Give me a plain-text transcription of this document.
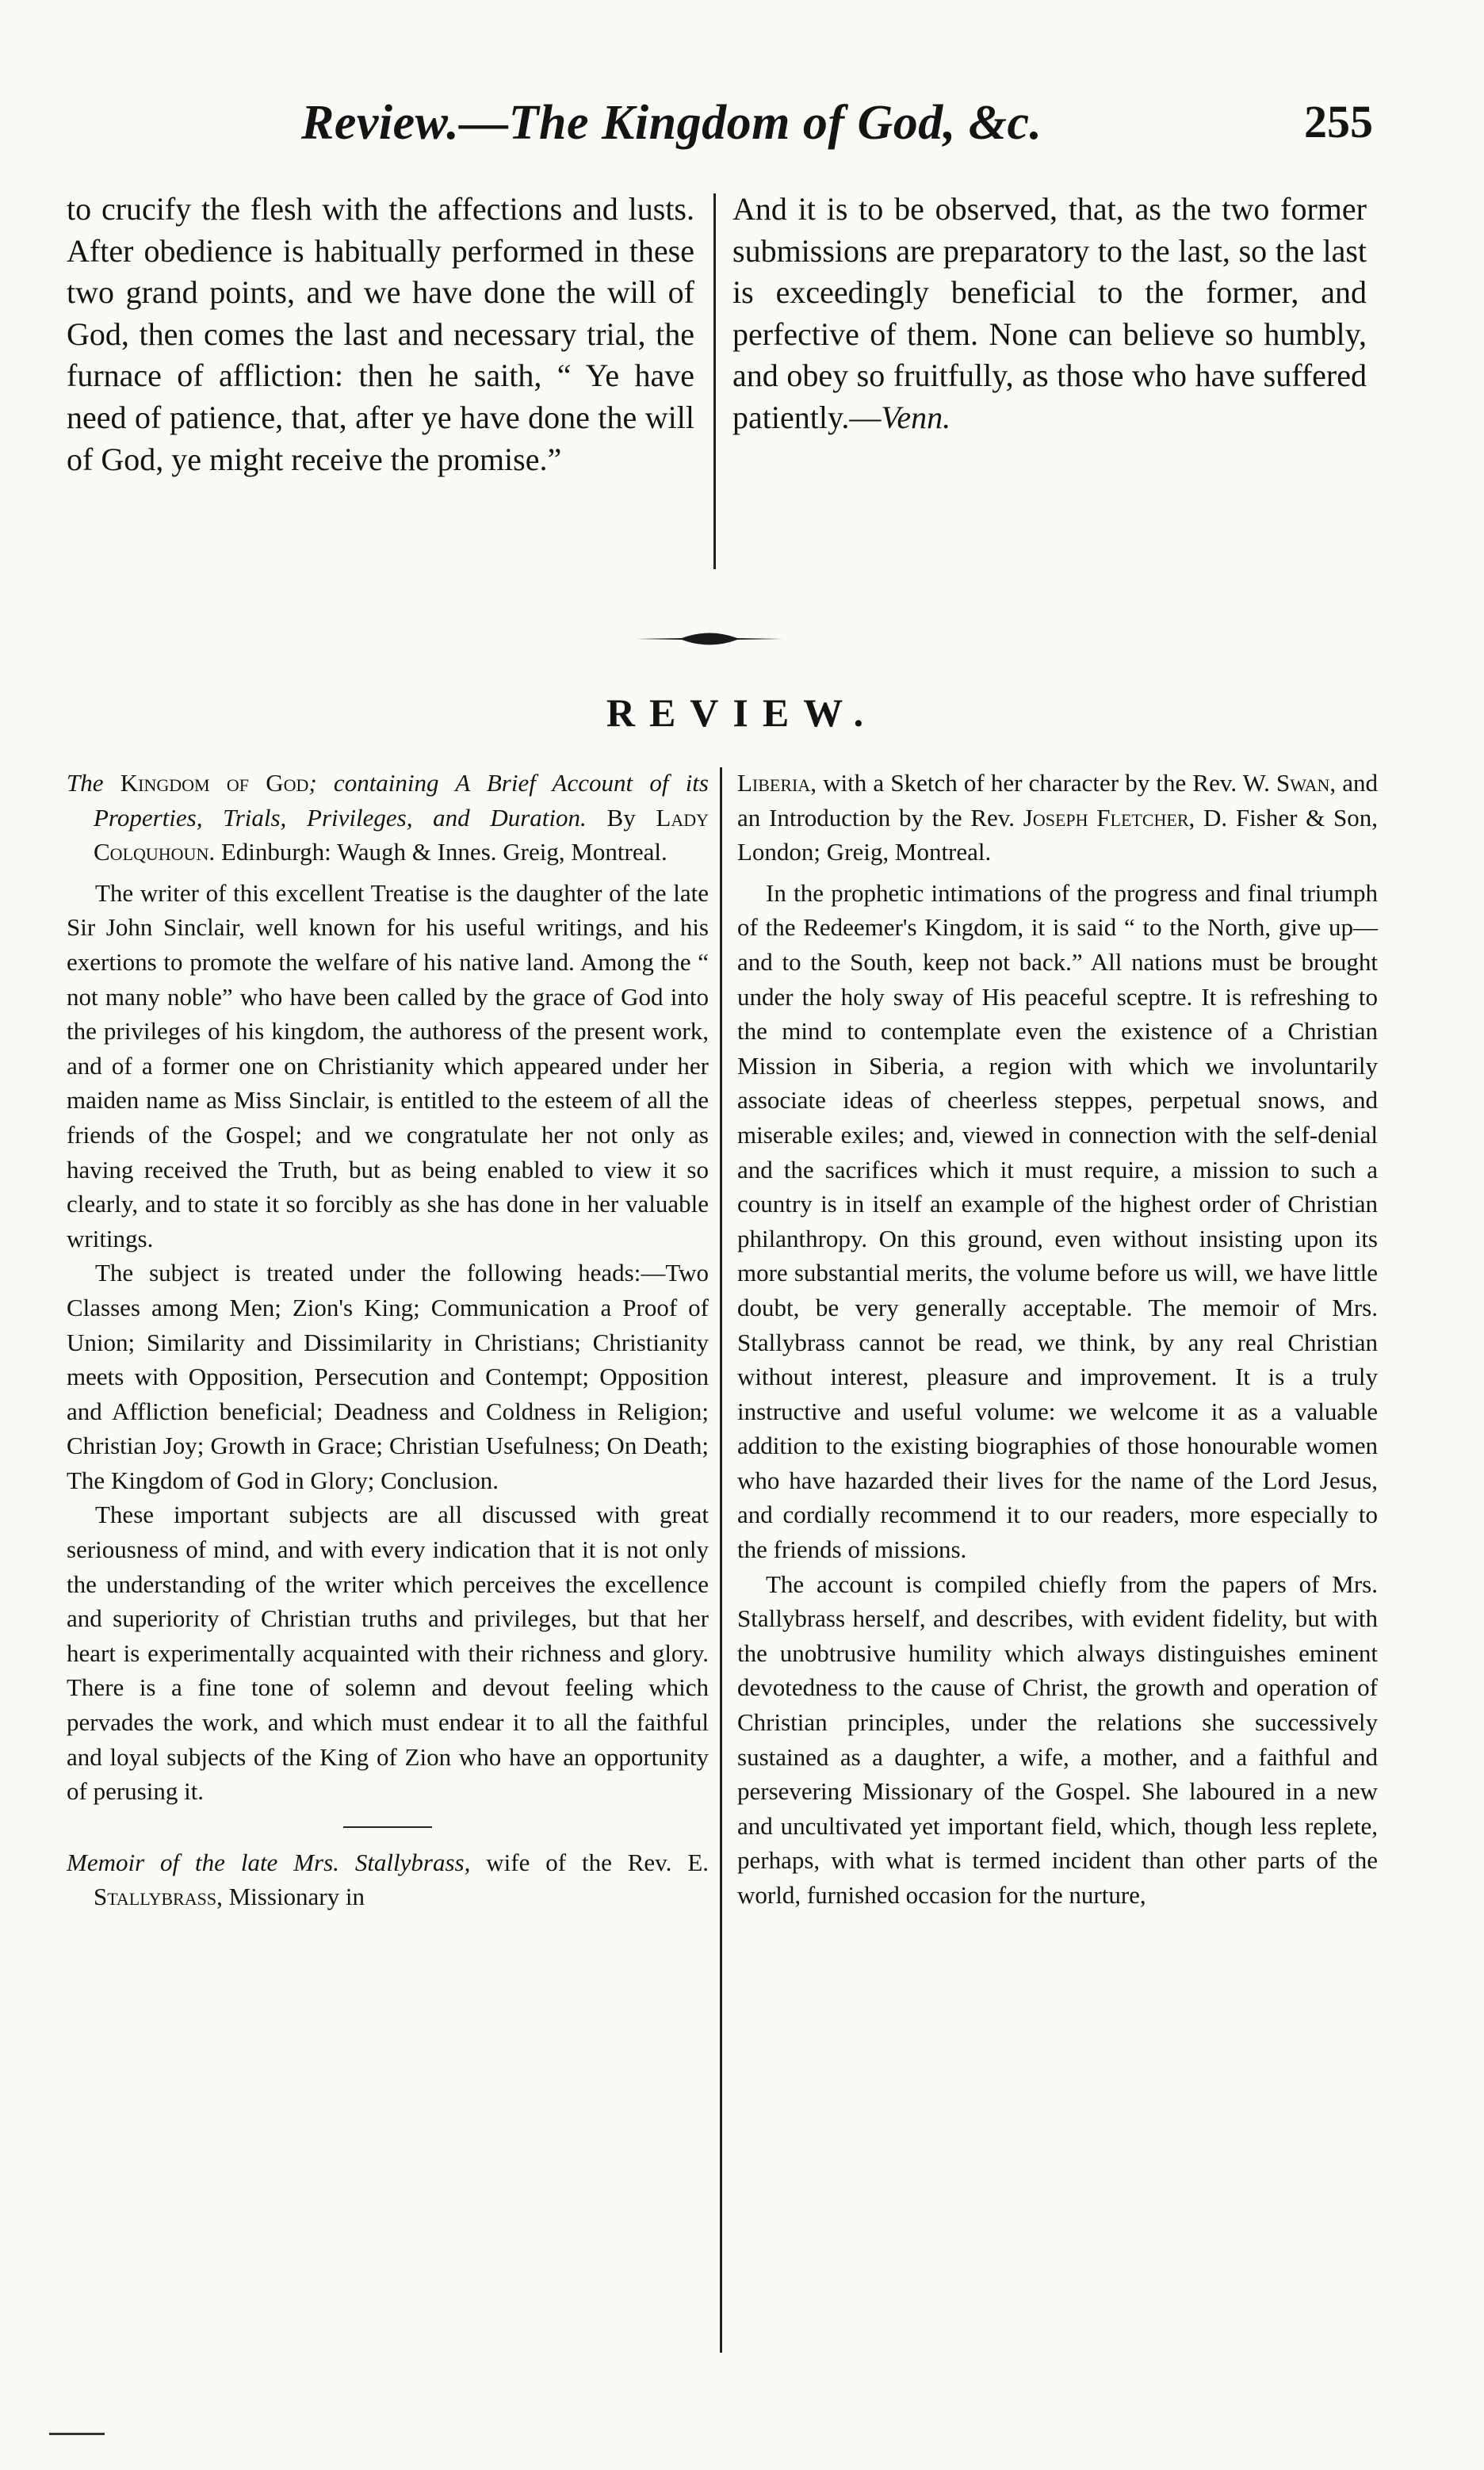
Review.—The Kingdom of God, &c.	255

to crucify the flesh with the affections and lusts. After obedience is habitually performed in these two grand points, and we have done the will of God, then comes the last and necessary trial, the furnace of affliction: then he saith, “ Ye have need of patience, that, after ye have done the will of God, ye might receive the promise.”

And it is to be observed, that, as the two former submissions are preparatory to the last, so the last is exceedingly beneficial to the former, and perfective of them. None can believe so humbly, and obey so fruitfully, as those who have suffered patiently.—Venn.

REVIEW.

The Kingdom of God; containing A Brief Account of its Properties, Trials, Privileges, and Duration. By Lady Colquhoun. Edinburgh: Waugh & Innes. Greig, Montreal.

The writer of this excellent Treatise is the daughter of the late Sir John Sinclair, well known for his useful writings, and his exertions to promote the welfare of his native land. Among the “ not many noble” who have been called by the grace of God into the privileges of his kingdom, the authoress of the present work, and of a former one on Christianity which appeared under her maiden name as Miss Sinclair, is entitled to the esteem of all the friends of the Gospel; and we congratulate her not only as having received the Truth, but as being enabled to view it so clearly, and to state it so forcibly as she has done in her valuable writings.

The subject is treated under the following heads:—Two Classes among Men; Zion's King; Communication a Proof of Union; Similarity and Dissimilarity in Christians; Christianity meets with Opposition, Persecution and Contempt; Opposition and Affliction beneficial; Deadness and Coldness in Religion; Christian Joy; Growth in Grace; Christian Usefulness; On Death; The Kingdom of God in Glory; Conclusion.

These important subjects are all discussed with great seriousness of mind, and with every indication that it is not only the understanding of the writer which perceives the excellence and superiority of Christian truths and privileges, but that her heart is experimentally acquainted with their richness and glory. There is a fine tone of solemn and devout feeling which pervades the work, and which must endear it to all the faithful and loyal subjects of the King of Zion who have an opportunity of perusing it.

Memoir of the late Mrs. Stallybrass, wife of the Rev. E. Stallybrass, Missionary in

Liberia, with a Sketch of her character by the Rev. W. Swan, and an Introduction by the Rev. Joseph Fletcher, D. Fisher & Son, London; Greig, Montreal.

In the prophetic intimations of the progress and final triumph of the Redeemer's Kingdom, it is said “ to the North, give up—and to the South, keep not back.” All nations must be brought under the holy sway of His peaceful sceptre. It is refreshing to the mind to contemplate even the existence of a Christian Mission in Siberia, a region with which we involuntarily associate ideas of cheerless steppes, perpetual snows, and miserable exiles; and, viewed in connection with the self-denial and the sacrifices which it must require, a mission to such a country is in itself an example of the highest order of Christian philanthropy. On this ground, even without insisting upon its more substantial merits, the volume before us will, we have little doubt, be very generally acceptable. The memoir of Mrs. Stallybrass cannot be read, we think, by any real Christian without interest, pleasure and improvement. It is a truly instructive and useful volume: we welcome it as a valuable addition to the existing biographies of those honourable women who have hazarded their lives for the name of the Lord Jesus, and cordially recommend it to our readers, more especially to the friends of missions.

The account is compiled chiefly from the papers of Mrs. Stallybrass herself, and describes, with evident fidelity, but with the unobtrusive humility which always distinguishes eminent devotedness to the cause of Christ, the growth and operation of Christian principles, under the relations she successively sustained as a daughter, a wife, a mother, and a faithful and persevering Missionary of the Gospel. She laboured in a new and uncultivated yet important field, which, though less replete, perhaps, with what is termed incident than other parts of the world, furnished occasion for the nurture,
